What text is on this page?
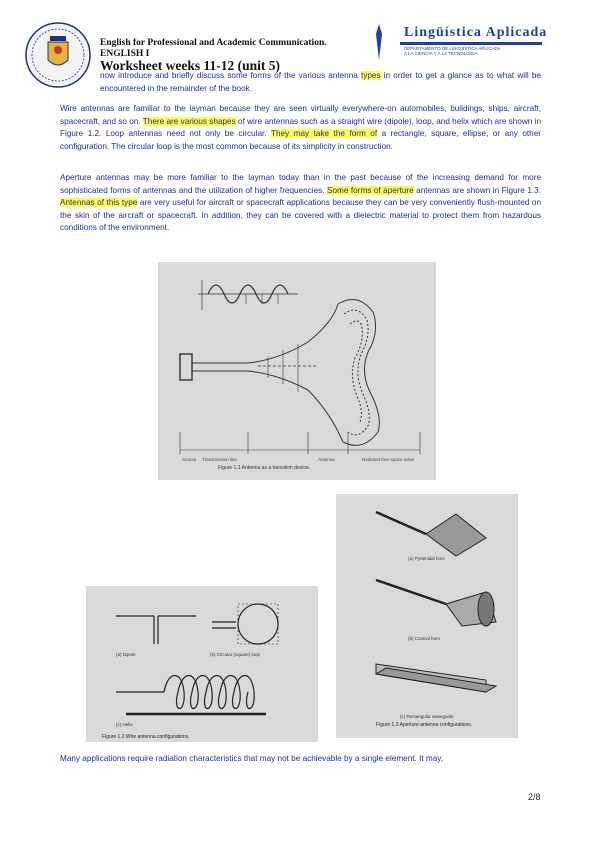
English for Professional and Academic Communication.
ENGLISH I
Worksheet weeks 11-12 (unit 5)
Lingüística Aplicada
DEPARTAMENTO DE LINGÜÍSTICA APLICADA
A LA CIENCIA Y A LA TECNOLOGÍA
now introduce and briefly discuss some forms of the various antenna types in order to get a glance as to what will be encountered in the remainder of the book.
Wire antennas are familiar to the layman because they are seen virtually everywhere-on automobiles, buildings, ships, aircraft, spacecraft, and so on. There are various shapes of wire antennas such as a straight wire (dipole), loop, and helix which are shown in Figure 1.2. Loop antennas need not only be circular. They may take the form of a rectangle, square, ellipse, or any other configuration. The circular loop is the most common because of its simplicity in construction.
Aperture antennas may be more familiar to the layman today than in the past because of the increasing demand for more sophisticated forms of antennas and the utilization of higher frequencies. Some forms of aperture antennas are shown in Figure 1.3. Antennas of this type are very useful for aircraft or spacecraft applications because they can be very conveniently flush-mounted on the skin of the aircraft or spacecraft. In addition, they can be covered with a dielectric material to protect them from hazardous conditions of the environment.
Source Transmission line	Antenna	Radiated free-space wave
Figure 1.1 Antenna as a transition device.
(a) Pyramidal horn
(b) Conical horn
(c) Rectangular waveguide
Figure 1.3 Aperture antenna configurations.
(a) Dipole	(b) Circular (square) loop
(c) Helix
Figure 1.2 Wire antenna configurations.
Many applications require radiation characteristics that may not be achievable by a single element. It may,
2/8
